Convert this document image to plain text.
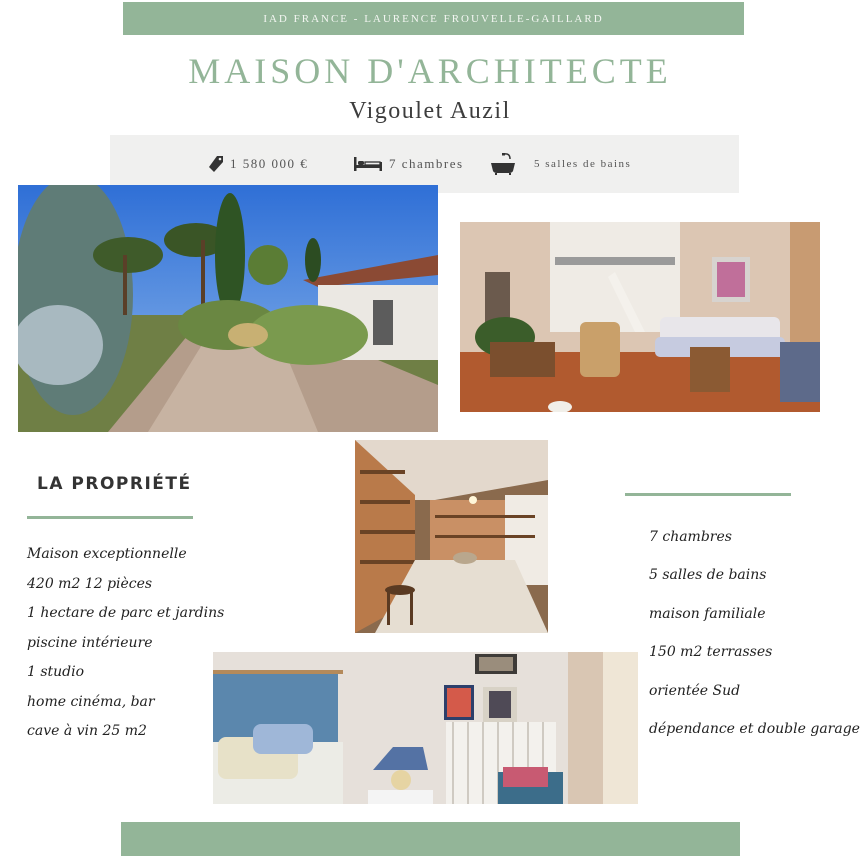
IAD FRANCE - LAURENCE FROUVELLE-GAILLARD
MAISON D'ARCHITECTE
Vigoulet Auzil
1 580 000 €	7 chambres	5 salles de bains
LA PROPRIÉTÉ
Maison exceptionnelle
420 m2 12 pièces
1 hectare de parc et jardins
piscine intérieure
1 studio
home cinéma, bar
cave à vin 25 m2
7 chambres
5 salles de bains
maison familiale
150 m2 terrasses
orientée Sud
dépendance et double garage
